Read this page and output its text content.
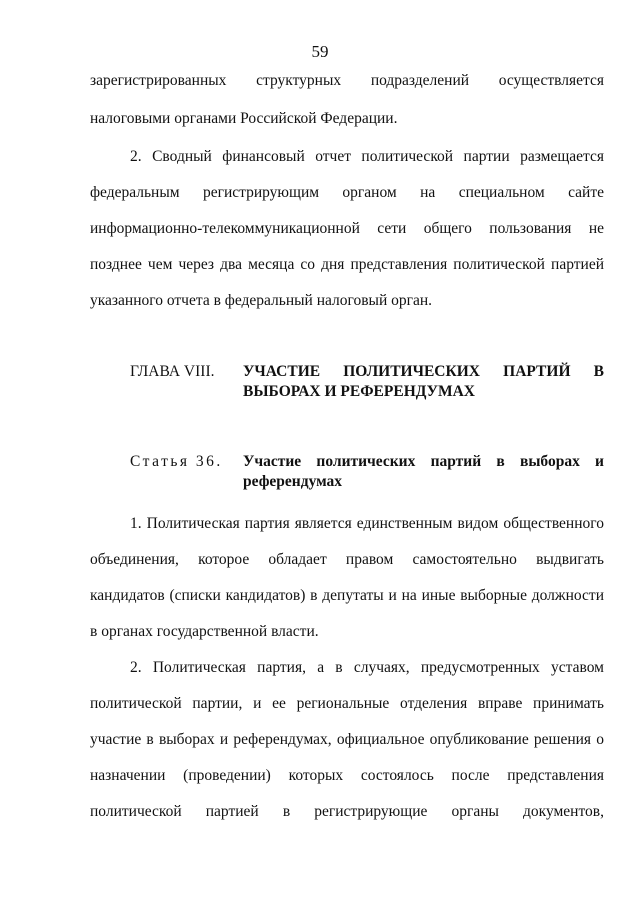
59
зарегистрированных структурных подразделений осуществляется
налоговыми органами Российской Федерации.
2. Сводный финансовый отчет политической партии размещается
федеральным регистрирующим органом на специальном сайте
информационно-телекоммуникационной сети общего пользования не
позднее чем через два месяца со дня представления политической партией
указанного отчета в федеральный налоговый орган.
ГЛАВА VIII. УЧАСТИЕ ПОЛИТИЧЕСКИХ ПАРТИЙ В
ВЫБОРАХ И РЕФЕРЕНДУМАХ
Статья 36. Участие политических партий в выборах и
референдумах
1. Политическая партия является единственным видом общественного
объединения, которое обладает правом самостоятельно выдвигать
кандидатов (списки кандидатов) в депутаты и на иные выборные должности
в органах государственной власти.
2. Политическая партия, а в случаях, предусмотренных уставом
политической партии, и ее региональные отделения вправе принимать
участие в выборах и референдумах, официальное опубликование решения о
назначении (проведении) которых состоялось после представления
политической партией в регистрирующие органы документов,
